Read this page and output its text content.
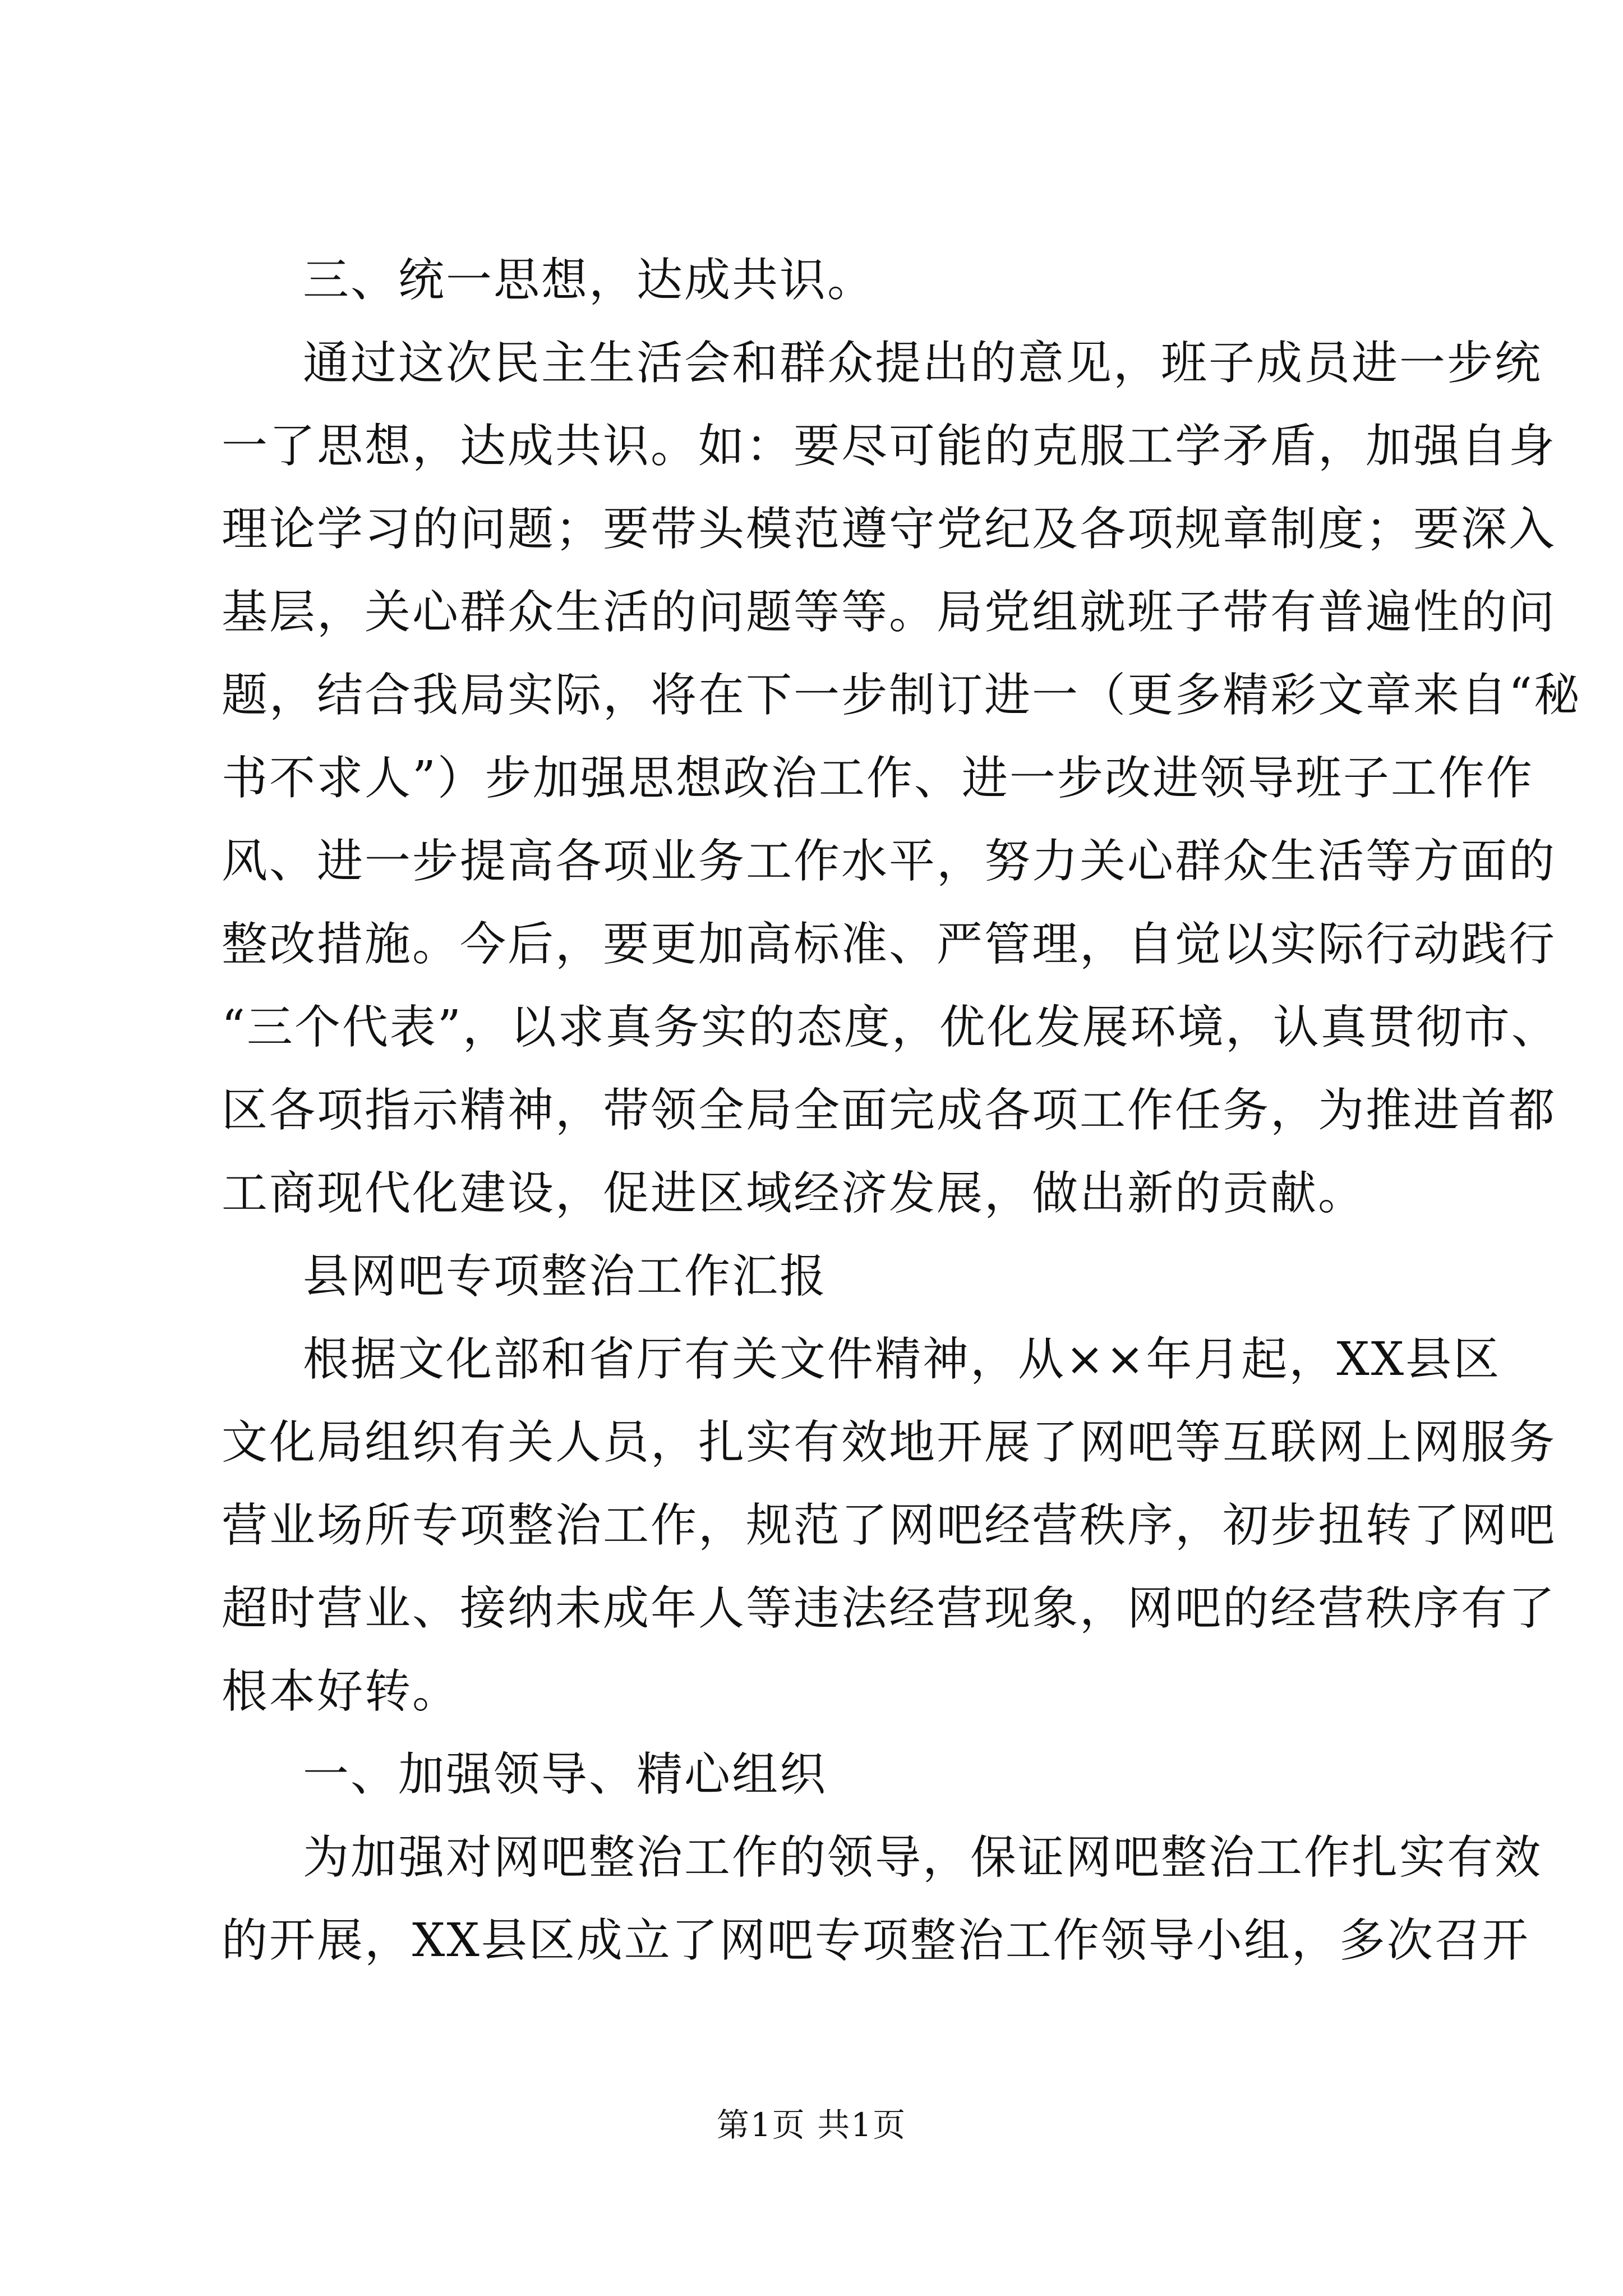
三、统一思想，达成共识。
通过这次民主生活会和群众提出的意见，班子成员进一步统
一了思想，达成共识。如：要尽可能的克服工学矛盾，加强自身
理论学习的问题；要带头模范遵守党纪及各项规章制度；要深入
基层，关心群众生活的问题等等。局党组就班子带有普遍性的问
题，结合我局实际，将在下一步制订进一（更多精彩文章来自“秘
书不求人”）步加强思想政治工作、进一步改进领导班子工作作
风、进一步提高各项业务工作水平，努力关心群众生活等方面的
整改措施。今后，要更加高标准、严管理，自觉以实际行动践行
“三个代表”，以求真务实的态度，优化发展环境，认真贯彻市、
区各项指示精神，带领全局全面完成各项工作任务，为推进首都
工商现代化建设，促进区域经济发展，做出新的贡献。
县网吧专项整治工作汇报
根据文化部和省厅有关文件精神，从××年月起，XX县区
文化局组织有关人员，扎实有效地开展了网吧等互联网上网服务
营业场所专项整治工作，规范了网吧经营秩序，初步扭转了网吧
超时营业、接纳未成年人等违法经营现象，网吧的经营秩序有了
根本好转。
一、加强领导、精心组织
为加强对网吧整治工作的领导，保证网吧整治工作扎实有效
的开展，XX县区成立了网吧专项整治工作领导小组，多次召开
第1页 共1页
